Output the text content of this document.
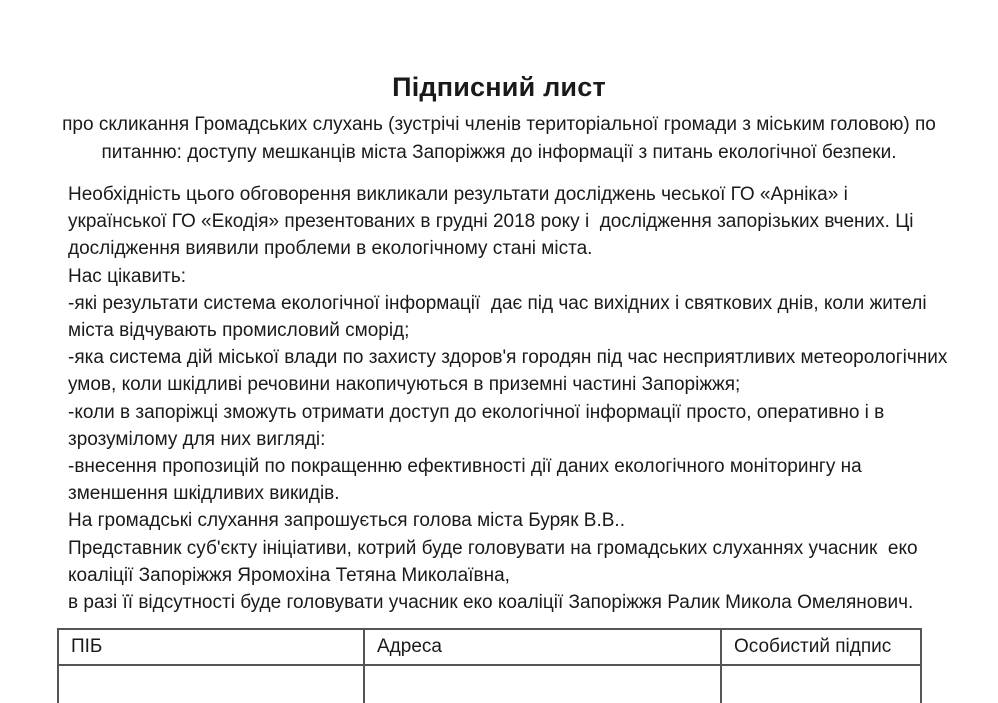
Підписний лист
про скликання Громадських слухань (зустрічі членів територіальної громади з міським головою) по
питанню: доступу мешканців міста Запоріжжя до інформації з питань екологічної безпеки.
Необхідність цього обговорення викликали результати досліджень чеської ГО «Арніка» і
української ГО «Екодія» презентованих в грудні 2018 року і  дослідження запорізьких вчених. Ці
дослідження виявили проблеми в екологічному стані міста.
Нас цікавить:
-які результати система екологічної інформації  дає під час вихідних і святкових днів, коли жителі
міста відчувають промисловий сморід;
-яка система дій міської влади по захисту здоров'я городян під час несприятливих метеорологічних
умов, коли шкідливі речовини накопичуються в приземні частині Запоріжжя;
-коли в запоріжці зможуть отримати доступ до екологічної інформації просто, оперативно і в
зрозумілому для них вигляді:
-внесення пропозицій по покращенню ефективності дії даних екологічного моніторингу на
зменшення шкідливих викидів.
На громадські слухання запрошується голова міста Буряк В.В..
Представник суб'єкту ініціативи, котрий буде головувати на громадських слуханнях учасник  еко
коаліції Запоріжжя Яромохіна Тетяна Миколаївна,
в разі її відсутності буде головувати учасник еко коаліції Запоріжжя Ралик Микола Омелянович.
ПІБ	Адреса	Особистий підпис
